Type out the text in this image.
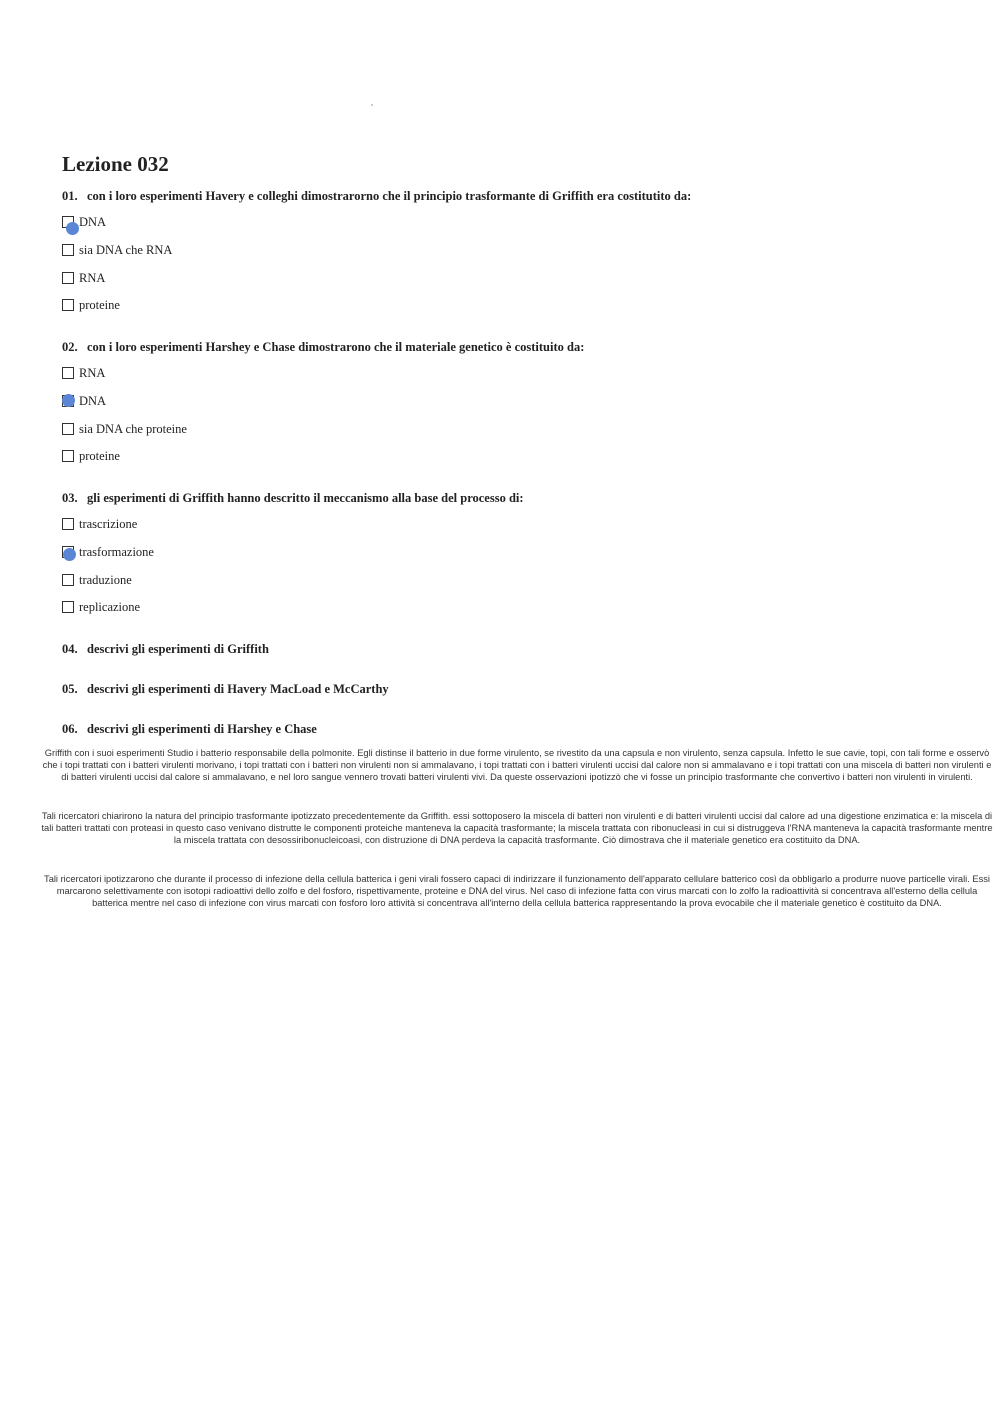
Lezione 032
01. con i loro esperimenti Havery e colleghi dimostrarorno che il principio trasformante di Griffith era costitutito da:
DNA
sia DNA che RNA
RNA
proteine
02. con i loro esperimenti Harshey e Chase dimostrarono che il materiale genetico è costituito da:
RNA
DNA
sia DNA che proteine
proteine
03. gli esperimenti di Griffith hanno descritto il meccanismo alla base del processo di:
trascrizione
trasformazione
traduzione
replicazione
04. descrivi gli esperimenti di Griffith
05. descrivi gli esperimenti di Havery MacLoad e McCarthy
06. descrivi gli esperimenti di Harshey e Chase

Griffith con i suoi esperimenti Studio i batterio responsabile della polmonite. Egli distinse il batterio in due forme virulento, se rivestito da una capsula e non virulento, senza capsula. Infetto le sue cavie, topi, con tali forme e osservò che i topi trattati con i batteri virulenti morivano, i topi trattati con i batteri non virulenti non si ammalavano, i topi trattati con i batteri virulenti uccisi dal calore non si ammalavano e i topi trattati con una miscela di batteri non virulenti e di batteri virulenti uccisi dal calore si ammalavano, e nel loro sangue vennero trovati batteri virulenti vivi. Da queste osservazioni ipotizzò che vi fosse un principio trasformante che convertivo i batteri non virulenti in virulenti.

Tali ricercatori chiarirono la natura del principio trasformante ipotizzato precedentemente da Griffith. essi sottoposero la miscela di batteri non virulenti e di batteri virulenti uccisi dal calore ad una digestione enzimatica e: la miscela di tali batteri trattati con proteasi in questo caso venivano distrutte le componenti proteiche manteneva la capacità trasformante; la miscela trattata con ribonucleasi in cui si distruggeva l'RNA manteneva la capacità trasformante mentre la miscela trattata con desossiribonucleicoasi, con distruzione di DNA perdeva la capacità trasformante. Ciò dimostrava che il materiale genetico era costituito da DNA.

Tali ricercatori ipotizzarono che durante il processo di infezione della cellula batterica i geni virali fossero capaci di indirizzare il funzionamento dell'apparato cellulare batterico così da obbligarlo a produrre nuove particelle virali. Essi marcarono selettivamente con isotopi radioattivi dello zolfo e del fosforo, rispettivamente, proteine e DNA del virus. Nel caso di infezione fatta con virus marcati con lo zolfo la radioattività si concentrava all'esterno della cellula batterica mentre nel caso di infezione con virus marcati con fosforo loro attività si concentrava all'interno della cellula batterica rappresentando la prova evocabile che il materiale genetico è costituito da DNA.
